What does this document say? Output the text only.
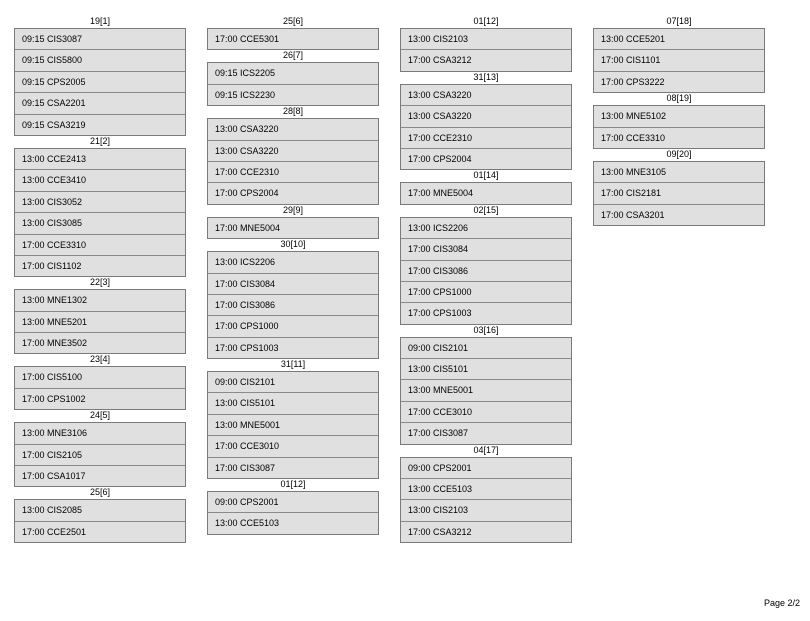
19[1]
09:15 CIS3087
09:15 CIS5800
09:15 CPS2005
09:15 CSA2201
09:15 CSA3219
21[2]
13:00 CCE2413
13:00 CCE3410
13:00 CIS3052
13:00 CIS3085
17:00 CCE3310
17:00 CIS1102
22[3]
13:00 MNE1302
13:00 MNE5201
17:00 MNE3502
23[4]
17:00 CIS5100
17:00 CPS1002
24[5]
13:00 MNE3106
17:00 CIS2105
17:00 CSA1017
25[6]
13:00 CIS2085
17:00 CCE2501
25[6]
17:00 CCE5301
26[7]
09:15 ICS2205
09:15 ICS2230
28[8]
13:00 CSA3220
13:00 CSA3220
17:00 CCE2310
17:00 CPS2004
29[9]
17:00 MNE5004
30[10]
13:00 ICS2206
17:00 CIS3084
17:00 CIS3086
17:00 CPS1000
17:00 CPS1003
31[11]
09:00 CIS2101
13:00 CIS5101
13:00 MNE5001
17:00 CCE3010
17:00 CIS3087
01[12]
09:00 CPS2001
13:00 CCE5103
01[12]
13:00 CIS2103
17:00 CSA3212
31[13]
13:00 CSA3220
13:00 CSA3220
17:00 CCE2310
17:00 CPS2004
01[14]
17:00 MNE5004
02[15]
13:00 ICS2206
17:00 CIS3084
17:00 CIS3086
17:00 CPS1000
17:00 CPS1003
03[16]
09:00 CIS2101
13:00 CIS5101
13:00 MNE5001
17:00 CCE3010
17:00 CIS3087
04[17]
09:00 CPS2001
13:00 CCE5103
13:00 CIS2103
17:00 CSA3212
07[18]
13:00 CCE5201
17:00 CIS1101
17:00 CPS3222
08[19]
13:00 MNE5102
17:00 CCE3310
09[20]
13:00 MNE3105
17:00 CIS2181
17:00 CSA3201
Page 2/2
